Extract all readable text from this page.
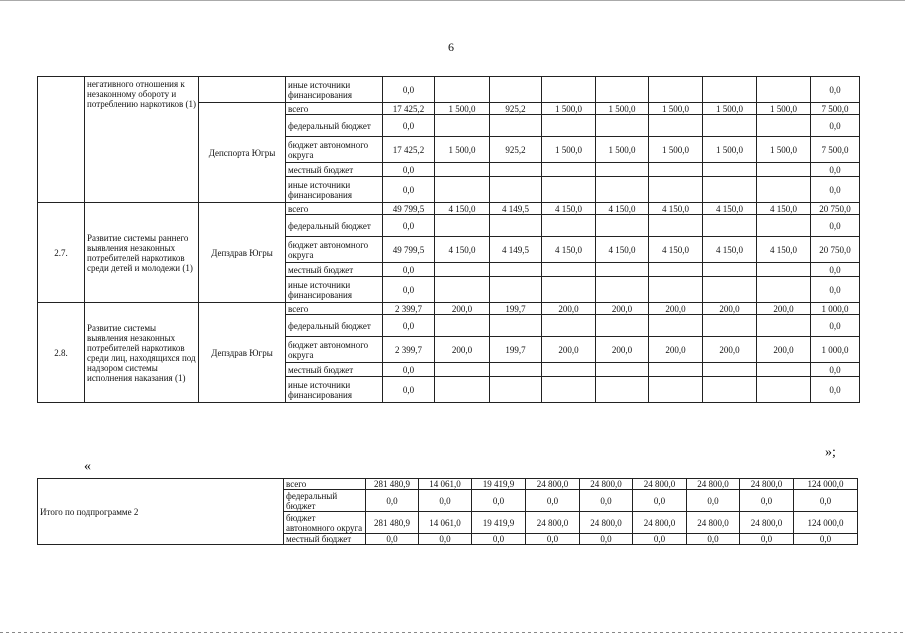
6
	негативного отношения к незаконному обороту и потреблению наркотиков (1)		иные источники финансирования	0,0								0,0
		Депспорта Югры	всего	17 425,2	1 500,0	925,2	1 500,0	1 500,0	1 500,0	1 500,0	1 500,0	7 500,0
			федеральный бюджет	0,0								0,0
			бюджет автономного округа	17 425,2	1 500,0	925,2	1 500,0	1 500,0	1 500,0	1 500,0	1 500,0	7 500,0
			местный бюджет	0,0								0,0
			иные источники финансирования	0,0								0,0
2.7.	Развитие системы раннего выявления незаконных потребителей наркотиков среди детей и молодежи (1)	Депздрав Югры	всего	49 799,5	4 150,0	4 149,5	4 150,0	4 150,0	4 150,0	4 150,0	4 150,0	20 750,0
			федеральный бюджет	0,0								0,0
			бюджет автономного округа	49 799,5	4 150,0	4 149,5	4 150,0	4 150,0	4 150,0	4 150,0	4 150,0	20 750,0
			местный бюджет	0,0								0,0
			иные источники финансирования	0,0								0,0
2.8.	Развитие системы выявления незаконных потребителей наркотиков среди лиц, находящихся под надзором системы исполнения наказания (1)	Депздрав Югры	всего	2 399,7	200,0	199,7	200,0	200,0	200,0	200,0	200,0	1 000,0
			федеральный бюджет	0,0								0,0
			бюджет автономного округа	2 399,7	200,0	199,7	200,0	200,0	200,0	200,0	200,0	1 000,0
			местный бюджет	0,0								0,0
			иные источники финансирования	0,0								0,0
«
»;
Итого по подпрограмме 2	всего	281 480,9	14 061,0	19 419,9	24 800,0	24 800,0	24 800,0	24 800,0	24 800,0	124 000,0
	федеральный бюджет	0,0	0,0	0,0	0,0	0,0	0,0	0,0	0,0	0,0
	бюджет автономного округа	281 480,9	14 061,0	19 419,9	24 800,0	24 800,0	24 800,0	24 800,0	24 800,0	124 000,0
	местный бюджет	0,0	0,0	0,0	0,0	0,0	0,0	0,0	0,0	0,0
